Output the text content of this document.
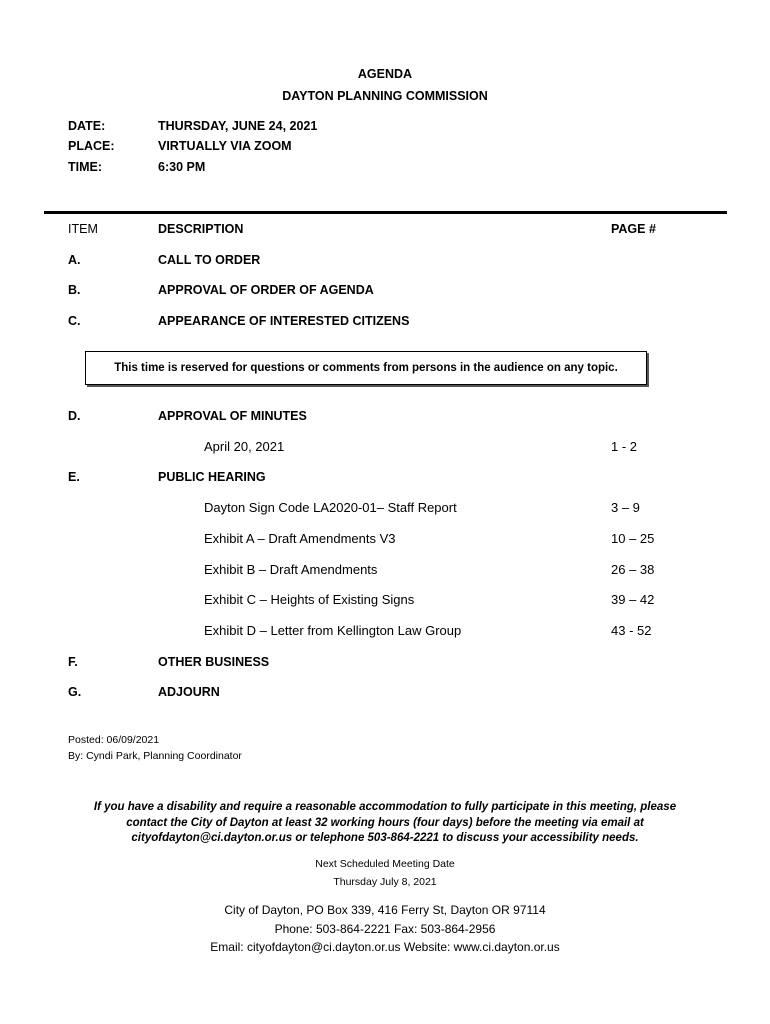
AGENDA
DAYTON PLANNING COMMISSION
DATE:	THURSDAY, JUNE 24, 2021
PLACE:	VIRTUALLY VIA ZOOM
TIME:	6:30 PM
ITEM	DESCRIPTION	PAGE #
A.	CALL TO ORDER
B.	APPROVAL OF ORDER OF AGENDA
C.	APPEARANCE OF INTERESTED CITIZENS
This time is reserved for questions or comments from persons in the audience on any topic.
D.	APPROVAL OF MINUTES
April 20, 2021	1 - 2
E.	PUBLIC HEARING
Dayton Sign Code LA2020-01– Staff Report	3 – 9
Exhibit A – Draft Amendments V3	10 – 25
Exhibit B – Draft Amendments	26 – 38
Exhibit C – Heights of Existing Signs	39 – 42
Exhibit D – Letter from Kellington Law Group	43 - 52
F.	OTHER BUSINESS
G.	ADJOURN
Posted: 06/09/2021
By: Cyndi Park, Planning Coordinator
If you have a disability and require a reasonable accommodation to fully participate in this meeting, please
contact the City of Dayton at least 32 working hours (four days) before the meeting via email at
cityofdayton@ci.dayton.or.us or telephone 503-864-2221 to discuss your accessibility needs.
Next Scheduled Meeting Date
Thursday July 8, 2021
City of Dayton, PO Box 339, 416 Ferry St, Dayton OR 97114
Phone: 503-864-2221 Fax: 503-864-2956
Email: cityofdayton@ci.dayton.or.us Website: www.ci.dayton.or.us
